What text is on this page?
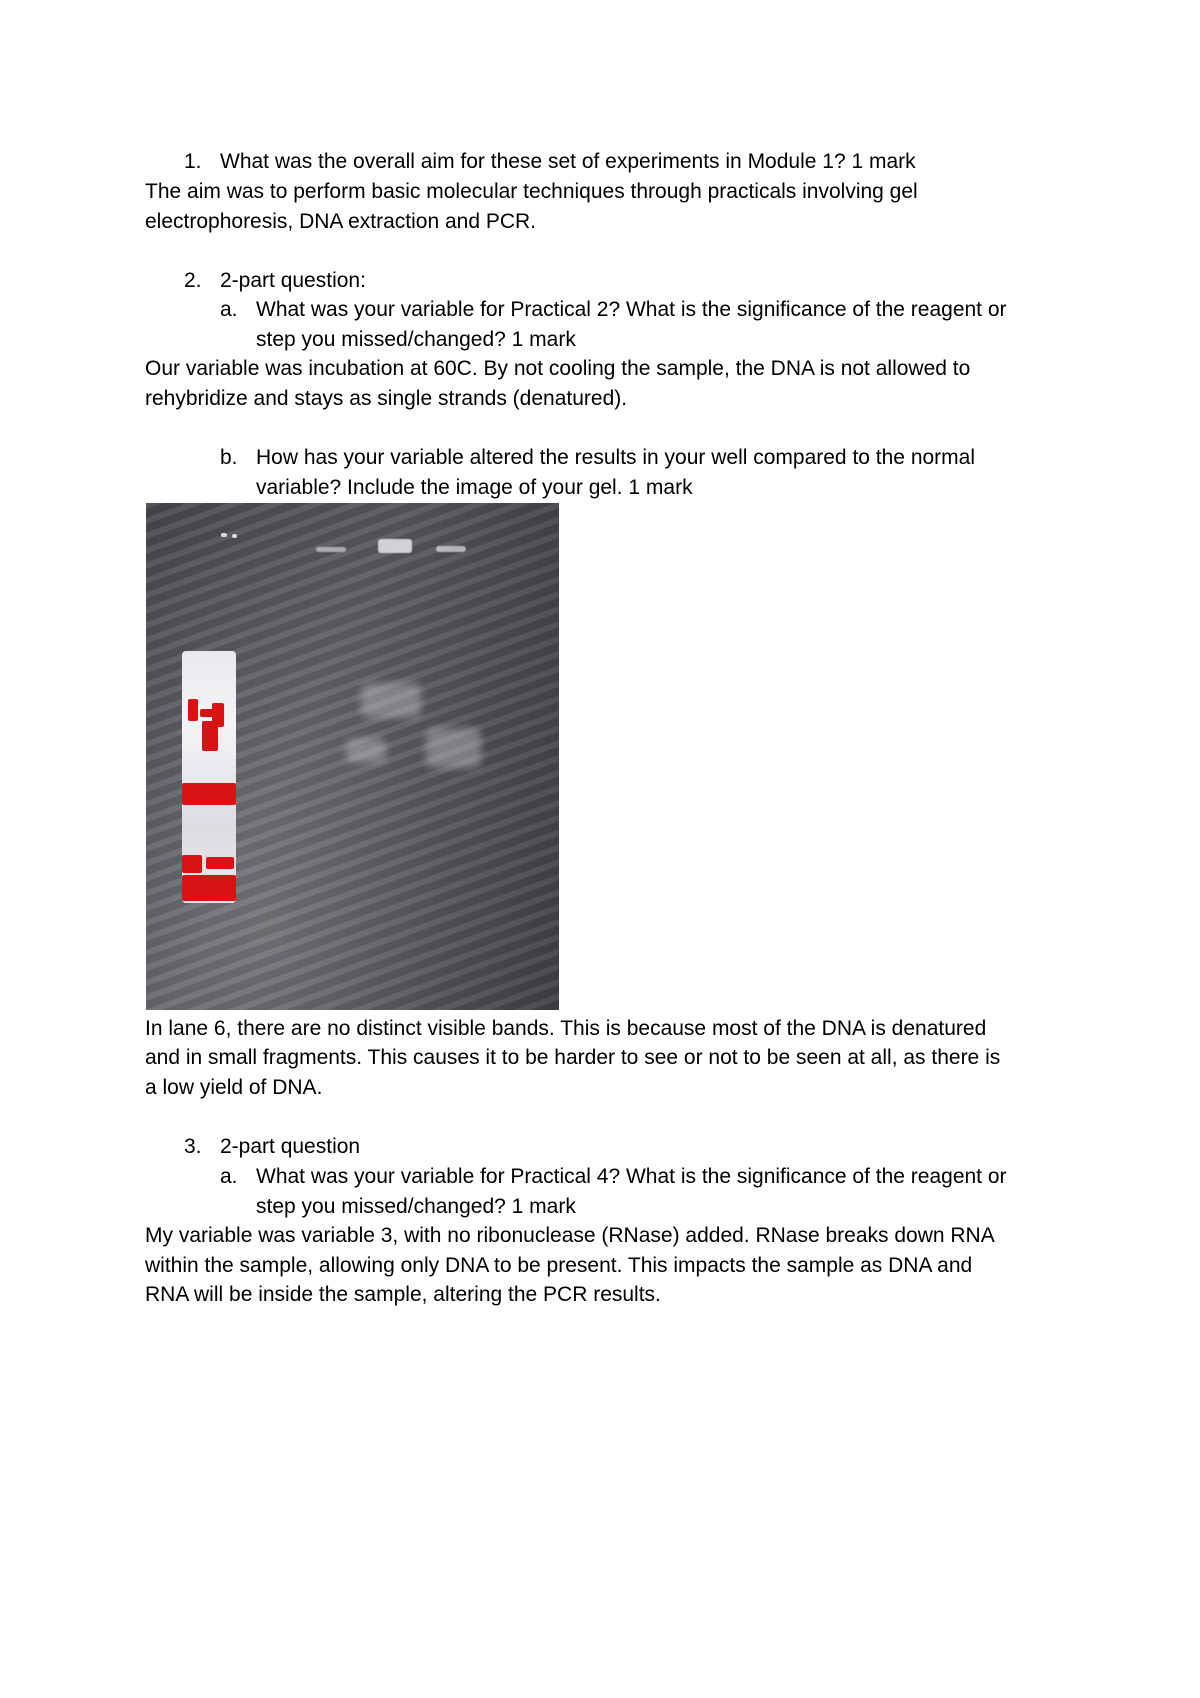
1. What was the overall aim for these set of experiments in Module 1? 1 mark
The aim was to perform basic molecular techniques through practicals involving gel
electrophoresis, DNA extraction and PCR.
2. 2-part question:
a. What was your variable for Practical 2? What is the significance of the reagent or
step you missed/changed? 1 mark
Our variable was incubation at 60C. By not cooling the sample, the DNA is not allowed to
rehybridize and stays as single strands (denatured).
b. How has your variable altered the results in your well compared to the normal
variable? Include the image of your gel. 1 mark
In lane 6, there are no distinct visible bands. This is because most of the DNA is denatured
and in small fragments. This causes it to be harder to see or not to be seen at all, as there is
a low yield of DNA.
3. 2-part question
a. What was your variable for Practical 4? What is the significance of the reagent or
step you missed/changed? 1 mark
My variable was variable 3, with no ribonuclease (RNase) added. RNase breaks down RNA
within the sample, allowing only DNA to be present. This impacts the sample as DNA and
RNA will be inside the sample, altering the PCR results.
